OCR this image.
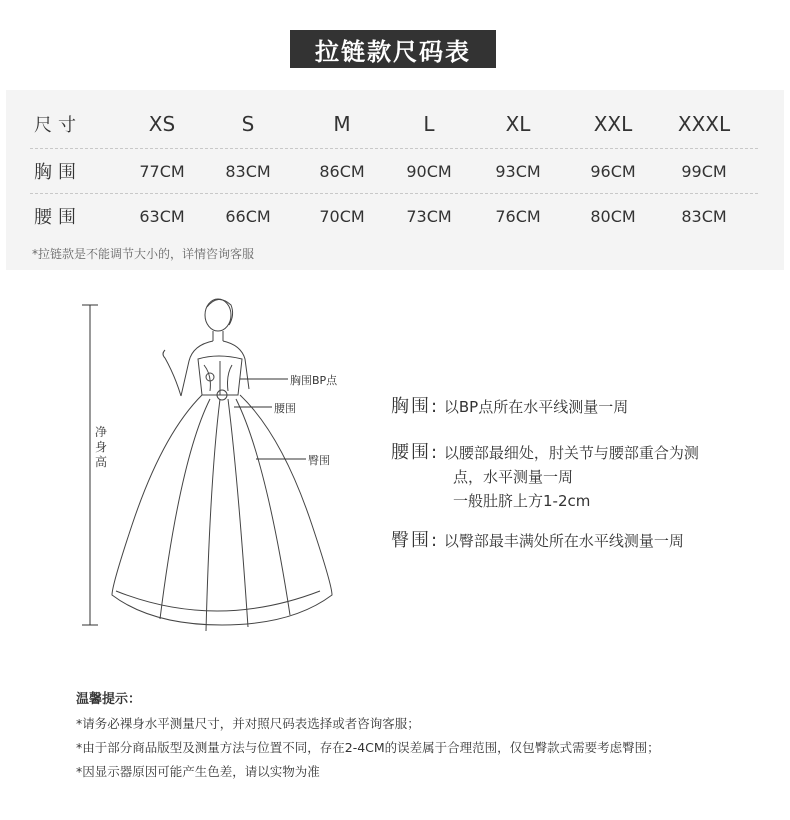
拉链款尺码表
尺寸	XS	S	M	L	XL	XXL	XXXL
胸围	77CM	83CM	86CM	90CM	93CM	96CM	99CM
腰围	63CM	66CM	70CM	73CM	76CM	80CM	83CM
*拉链款是不能调节大小的，详情咨询客服
胸围BP点
腰围
臀围
净身高
胸围: 以BP点所在水平线测量一周
腰围: 以腰部最细处，肘关节与腰部重合为测
点，水平测量一周
一般肚脐上方1-2cm
臀围: 以臀部最丰满处所在水平线测量一周
温馨提示：
*请务必裸身水平测量尺寸，并对照尺码表选择或者咨询客服；
*由于部分商品版型及测量方法与位置不同，存在2-4CM的误差属于合理范围，仅包臀款式需要考虑臀围；
*因显示器原因可能产生色差，请以实物为准
